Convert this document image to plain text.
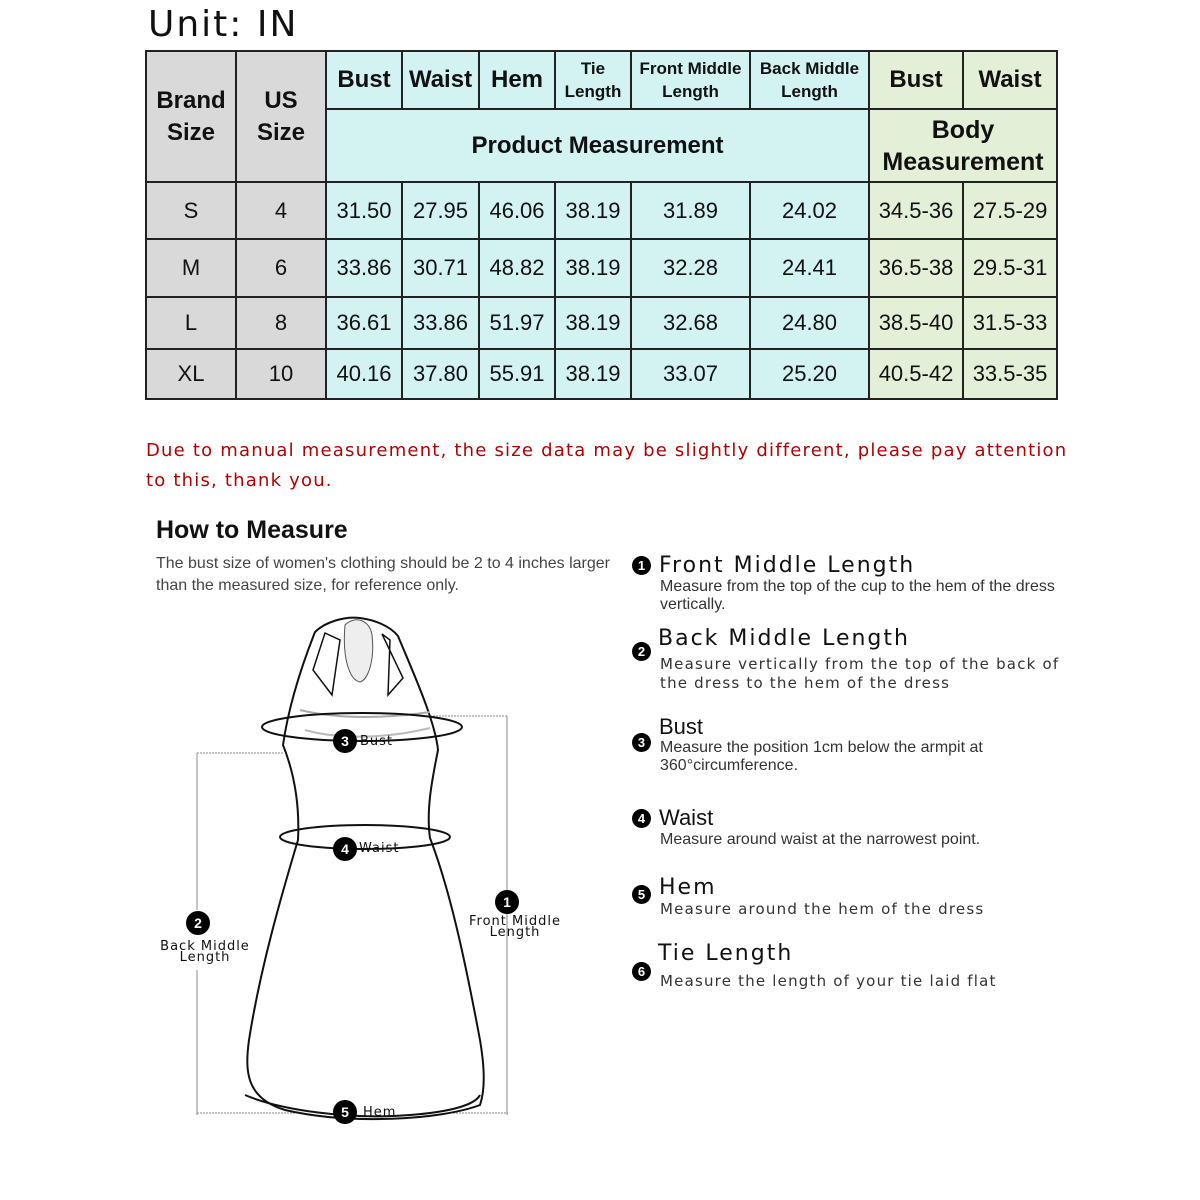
Unit: IN
Brand Size	US Size	Bust	Waist	Hem	Tie Length	Front Middle Length	Back Middle Length	Bust	Waist
		Product Measurement						Body Measurement	
S	4	31.50	27.95	46.06	38.19	31.89	24.02	34.5-36	27.5-29
M	6	33.86	30.71	48.82	38.19	32.28	24.41	36.5-38	29.5-31
L	8	36.61	33.86	51.97	38.19	32.68	24.80	38.5-40	31.5-33
XL	10	40.16	37.80	55.91	38.19	33.07	25.20	40.5-42	33.5-35
Due to manual measurement, the size data may be slightly different, please pay attention to this, thank you.
How to Measure
The bust size of women's clothing should be 2 to 4 inches larger than the measured size, for reference only.
3 Bust
4 Waist
1
Front Middle
Length
2
Back Middle
Length
5	Hem
1 Front Middle Length
Measure from the top of the cup to the hem of the dress vertically.
2
Back Middle Length
Measure vertically from the top of the back of the dress to the hem of the dress
3
Bust
Measure the position 1cm below the armpit at 360°circumference.
4 Waist
Measure around waist at the narrowest point.
5 Hem
Measure around the hem of the dress
6
Tie Length
Measure the length of your tie laid flat
